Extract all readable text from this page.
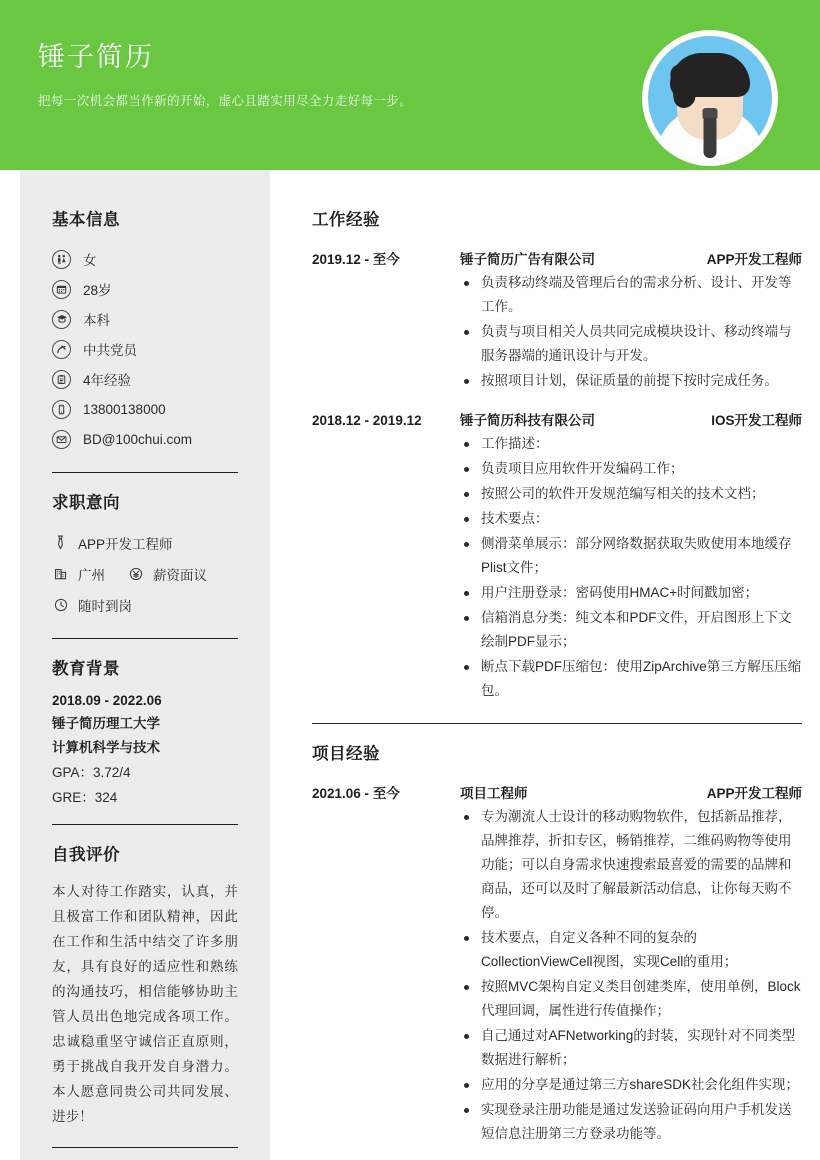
锤子简历
把每一次机会都当作新的开始，虚心且踏实用尽全力走好每一步。
基本信息
女
28岁
本科
中共党员
4年经验
13800138000
BD@100chui.com
求职意向
APP开发工程师
广州	薪资面议
随时到岗
教育背景
2018.09 - 2022.06
锤子简历理工大学
计算机科学与技术
GPA：3.72/4
GRE：324
自我评价
本人对待工作踏实，认真，并且极富工作和团队精神，因此在工作和生活中结交了许多朋友，具有良好的适应性和熟练的沟通技巧，相信能够协助主管人员出色地完成各项工作。忠诚稳重坚守诚信正直原则，勇于挑战自我开发自身潜力。本人愿意同贵公司共同发展、进步！
工作经验
2019.12 - 至今	锤子简历广告有限公司	APP开发工程师
负责移动终端及管理后台的需求分析、设计、开发等工作。
负责与项目相关人员共同完成模块设计、移动终端与服务器端的通讯设计与开发。
按照项目计划，保证质量的前提下按时完成任务。
2018.12 - 2019.12	锤子简历科技有限公司	IOS开发工程师
工作描述：
负责项目应用软件开发编码工作；
按照公司的软件开发规范编写相关的技术文档；
技术要点：
侧滑菜单展示：部分网络数据获取失败使用本地缓存Plist文件；
用户注册登录：密码使用HMAC+时间戳加密；
信箱消息分类：纯文本和PDF文件，开启图形上下文绘制PDF显示；
断点下载PDF压缩包：使用ZipArchive第三方解压压缩包。
项目经验
2021.06 - 至今	项目工程师	APP开发工程师
专为潮流人士设计的移动购物软件，包括新品推荐，品牌推荐，折扣专区，畅销推荐，二维码购物等使用功能；可以自身需求快速搜索最喜爱的需要的品牌和商品，还可以及时了解最新活动信息，让你每天购不停。
技术要点，自定义各种不同的复杂的CollectionViewCell视图，实现Cell的重用；
按照MVC架构自定义类目创建类库，使用单例，Block代理回调，属性进行传值操作；
自己通过对AFNetworking的封装，实现针对不同类型数据进行解析；
应用的分享是通过第三方shareSDK社会化组件实现；
实现登录注册功能是通过发送验证码向用户手机发送短信息注册第三方登录功能等。
